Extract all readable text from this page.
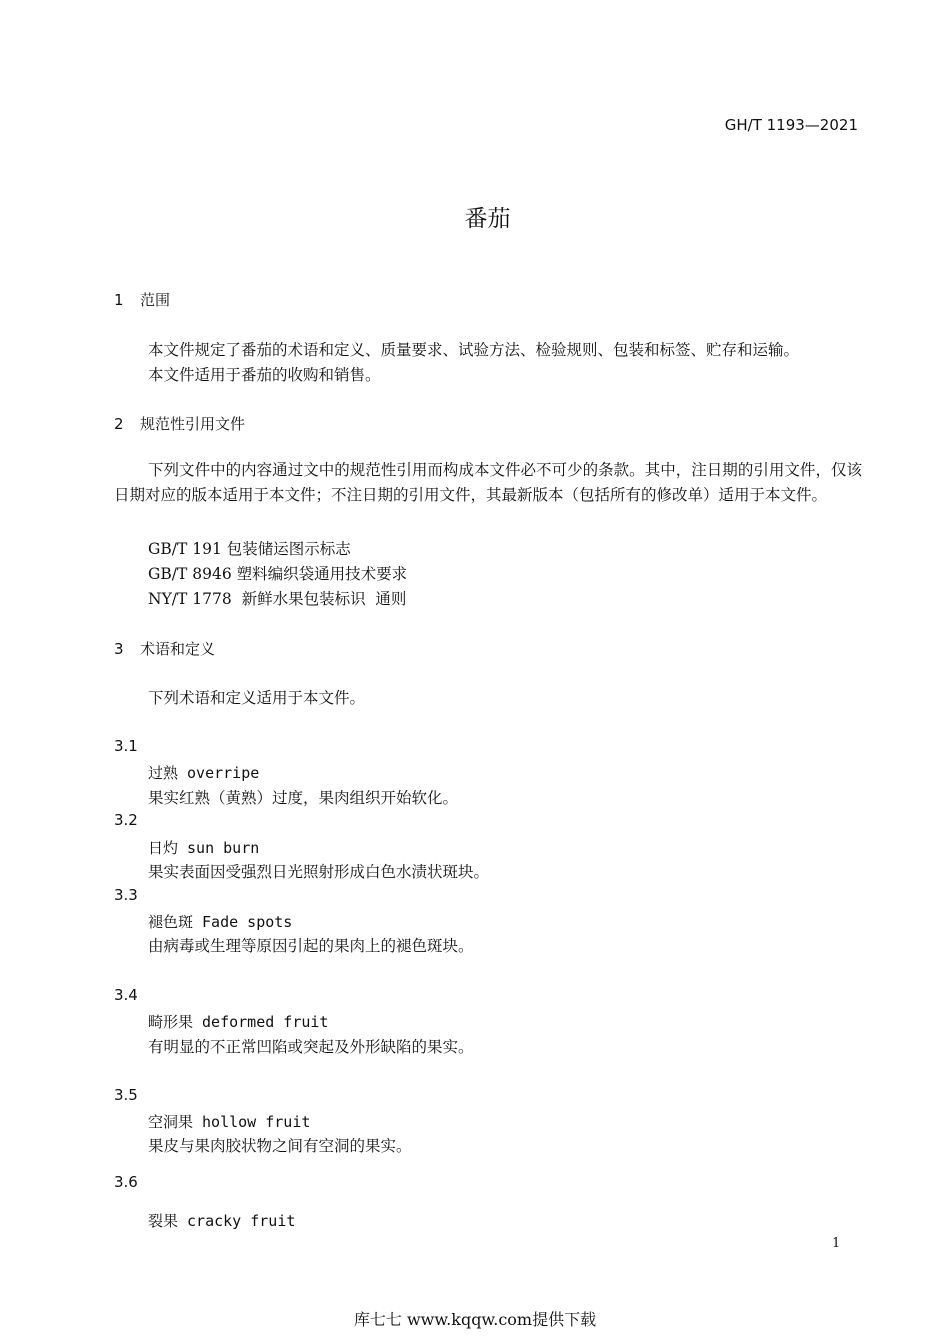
GH/T 1193—2021
番茄
1 范围
本文件规定了番茄的术语和定义、质量要求、试验方法、检验规则、包装和标签、贮存和运输。
本文件适用于番茄的收购和销售。
2 规范性引用文件
下列文件中的内容通过文中的规范性引用而构成本文件必不可少的条款。其中，注日期的引用文件，仅该日期对应的版本适用于本文件；不注日期的引用文件，其最新版本（包括所有的修改单）适用于本文件。
GB/T 191 包装储运图示标志
GB/T 8946 塑料编织袋通用技术要求
NY/T 1778  新鲜水果包装标识  通则
3 术语和定义
下列术语和定义适用于本文件。
3.1
过熟 overripe
果实红熟（黄熟）过度，果肉组织开始软化。
3.2
日灼 sun burn
果实表面因受强烈日光照射形成白色水渍状斑块。
3.3
褪色斑 Fade spots
由病毒或生理等原因引起的果肉上的褪色斑块。
3.4
畸形果 deformed fruit
有明显的不正常凹陷或突起及外形缺陷的果实。
3.5
空洞果 hollow fruit
果皮与果肉胶状物之间有空洞的果实。
3.6
裂果 cracky fruit
1
库七七 www.kqqw.com提供下载
